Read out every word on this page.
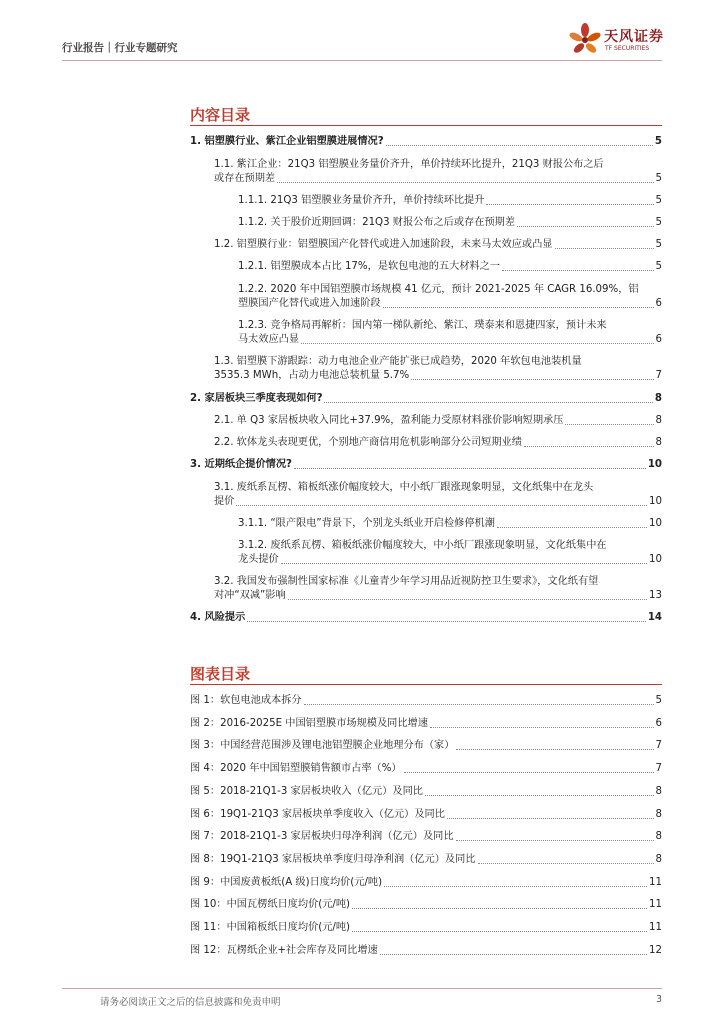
行业报告｜行业专题研究
天风证券
TF SECURITIES
内容目录
1. 铝塑膜行业、紫江企业铝塑膜进展情况?	5
1.1. 紫江企业：21Q3 铝塑膜业务量价齐升，单价持续环比提升，21Q3 财报公布之后
或存在预期差	5
1.1.1. 21Q3 铝塑膜业务量价齐升，单价持续环比提升	5
1.1.2. 关于股价近期回调：21Q3 财报公布之后或存在预期差	5
1.2. 铝塑膜行业：铝塑膜国产化替代或进入加速阶段，未来马太效应或凸显	5
1.2.1. 铝塑膜成本占比 17%，是软包电池的五大材料之一	5
1.2.2. 2020 年中国铝塑膜市场规模 41 亿元，预计 2021-2025 年 CAGR 16.09%，铝
塑膜国产化替代或进入加速阶段	6
1.2.3. 竞争格局再解析：国内第一梯队新纶、紫江、璞泰来和恩捷四家，预计未来
马太效应凸显	6
1.3. 铝塑膜下游跟踪：动力电池企业产能扩张已成趋势，2020 年软包电池装机量
3535.3 MWh，占动力电池总装机量 5.7%	7
2. 家居板块三季度表现如何?	8
2.1. 单 Q3 家居板块收入同比+37.9%，盈利能力受原材料涨价影响短期承压	8
2.2. 软体龙头表现更优，个别地产商信用危机影响部分公司短期业绩	8
3. 近期纸企提价情况?	10
3.1. 废纸系瓦楞、箱板纸涨价幅度较大，中小纸厂跟涨现象明显，文化纸集中在龙头
提价	10
3.1.1. “限产限电”背景下，个别龙头纸业开启检修停机潮	10
3.1.2. 废纸系瓦楞、箱板纸涨价幅度较大，中小纸厂跟涨现象明显，文化纸集中在
龙头提价	10
3.2. 我国发布强制性国家标准《儿童青少年学习用品近视防控卫生要求》，文化纸有望
对冲“双减”影响	13
4. 风险提示	14
图表目录
图 1：软包电池成本拆分	5
图 2：2016-2025E 中国铝塑膜市场规模及同比增速	6
图 3：中国经营范围涉及锂电池铝塑膜企业地理分布（家）	7
图 4：2020 年中国铝塑膜销售额市占率（%）	7
图 5：2018-21Q1-3 家居板块收入（亿元）及同比	8
图 6：19Q1-21Q3 家居板块单季度收入（亿元）及同比	8
图 7：2018-21Q1-3 家居板块归母净利润（亿元）及同比	8
图 8：19Q1-21Q3 家居板块单季度归母净利润（亿元）及同比	8
图 9：中国废黄板纸(A 级)日度均价(元/吨)	11
图 10：中国瓦楞纸日度均价(元/吨)	11
图 11：中国箱板纸日度均价(元/吨)	11
图 12：瓦楞纸企业+社会库存及同比增速	12
请务必阅读正文之后的信息披露和免责申明	3
